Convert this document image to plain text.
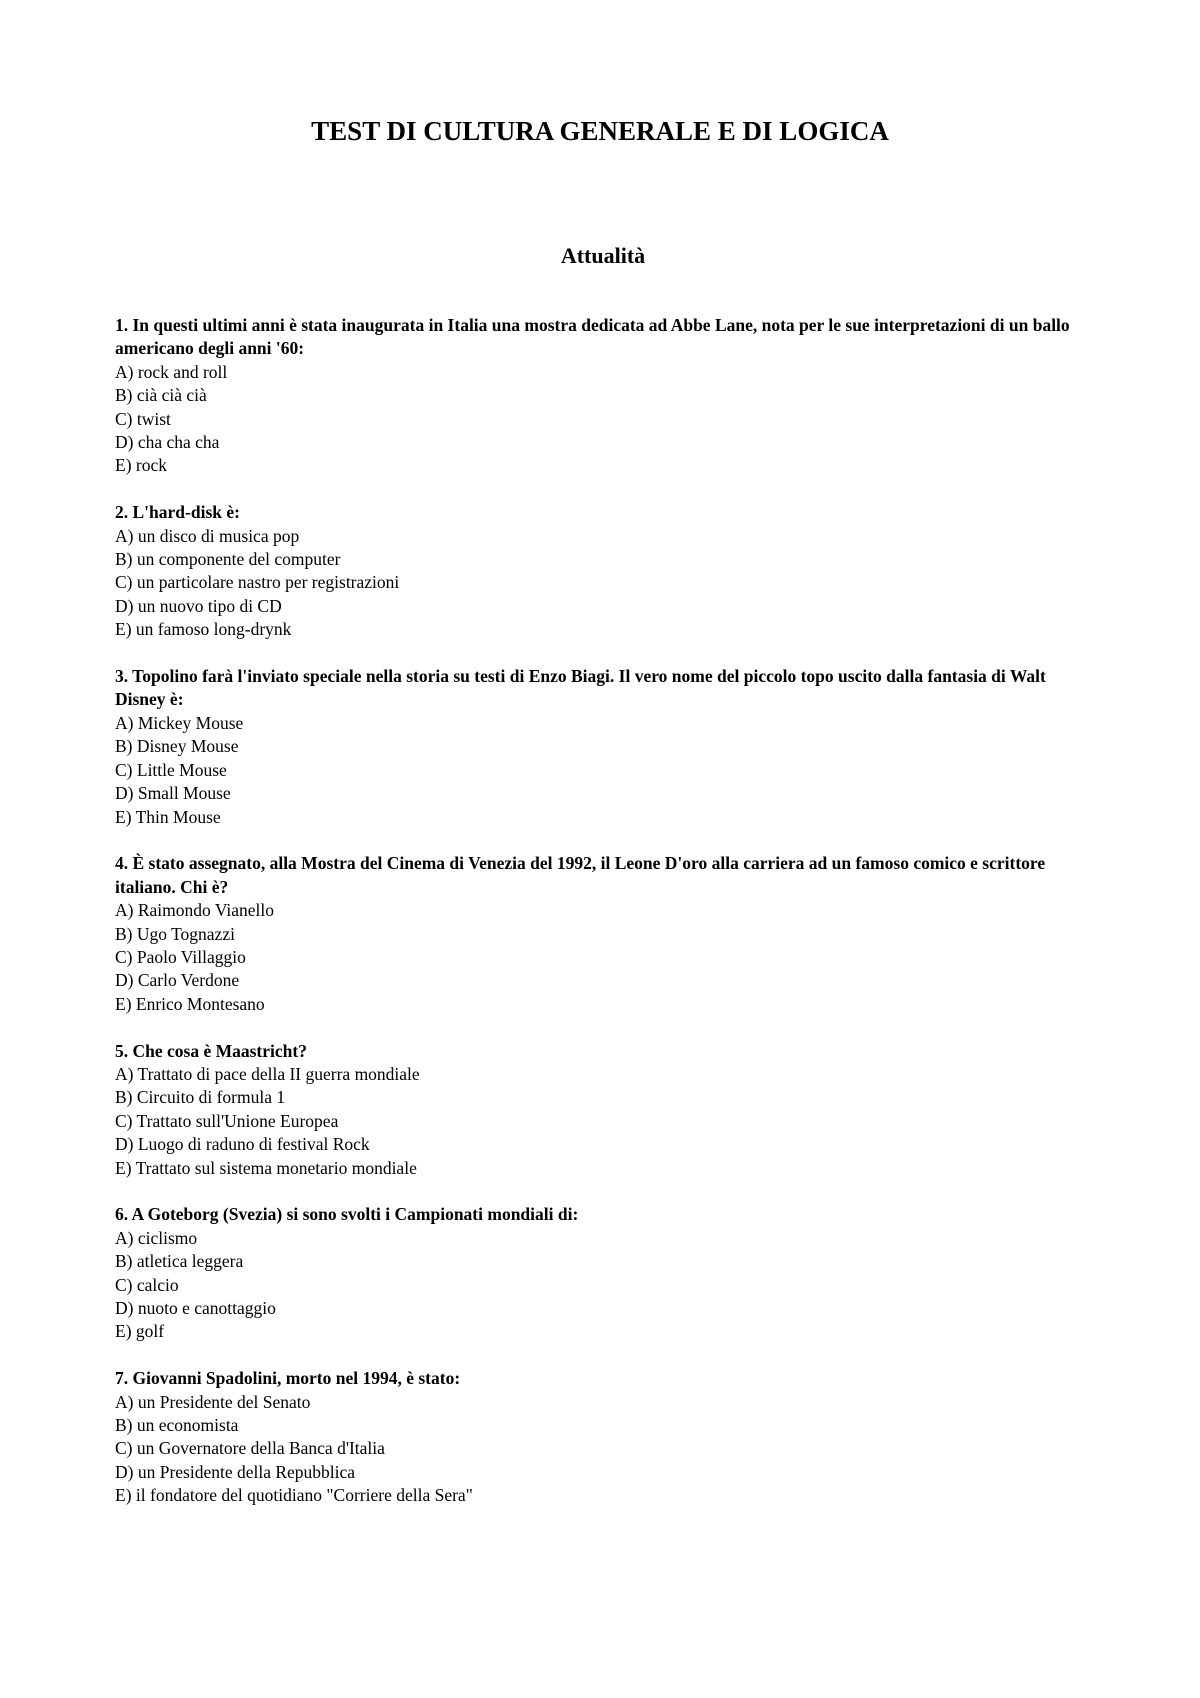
TEST DI CULTURA GENERALE E DI LOGICA
Attualità

1. In questi ultimi anni è stata inaugurata in Italia una mostra dedicata ad Abbe Lane, nota per le sue interpretazioni di un ballo americano degli anni '60:

A) rock and roll
B) cià cià cià
C) twist
D) cha cha cha
E) rock

2. L'hard-disk è:

A) un disco di musica pop
B) un componente del computer
C) un particolare nastro per registrazioni
D) un nuovo tipo di CD
E) un famoso long-drynk

3. Topolino farà l'inviato speciale nella storia su testi di Enzo Biagi. Il vero nome del piccolo topo uscito dalla fantasia di Walt Disney è:

A) Mickey Mouse
B) Disney Mouse
C) Little Mouse
D) Small Mouse
E) Thin Mouse

4. È stato assegnato, alla Mostra del Cinema di Venezia del 1992, il Leone D'oro alla carriera ad un famoso comico e scrittore italiano. Chi è?

A) Raimondo Vianello
B) Ugo Tognazzi
C) Paolo Villaggio
D) Carlo Verdone
E) Enrico Montesano

5. Che cosa è Maastricht?

A) Trattato di pace della II guerra mondiale
B) Circuito di formula 1
C) Trattato sull'Unione Europea
D) Luogo di raduno di festival Rock
E) Trattato sul sistema monetario mondiale

6. A Goteborg (Svezia) si sono svolti i Campionati mondiali di:

A) ciclismo
B) atletica leggera
C) calcio
D) nuoto e canottaggio
E) golf

7. Giovanni Spadolini, morto nel 1994, è stato:

A) un Presidente del Senato
B) un economista
C) un Governatore della Banca d'Italia
D) un Presidente della Repubblica
E) il fondatore del quotidiano "Corriere della Sera"
